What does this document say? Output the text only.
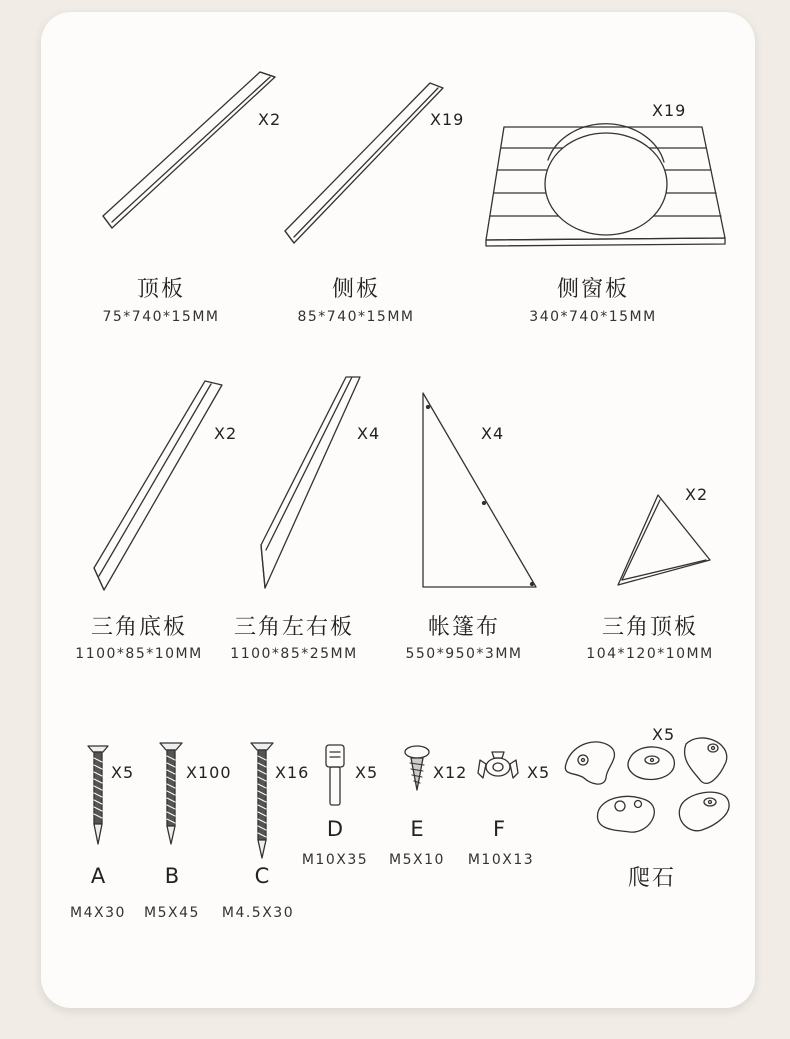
X2	X19	X19
X2	X4	X4
X2
顶板
75*740*15MM
侧板
85*740*15MM
侧窗板
340*740*15MM
三角底板
1100*85*10MM
三角左右板
1100*85*25MM
帐篷布
550*950*3MM
三角顶板
104*120*10MM
X5	X100	X16	X5	X12	X5
X5
A
M4X30
B
M5X45
C
M4.5X30
D
M10X35
E
M5X10
F
M10X13
爬石
